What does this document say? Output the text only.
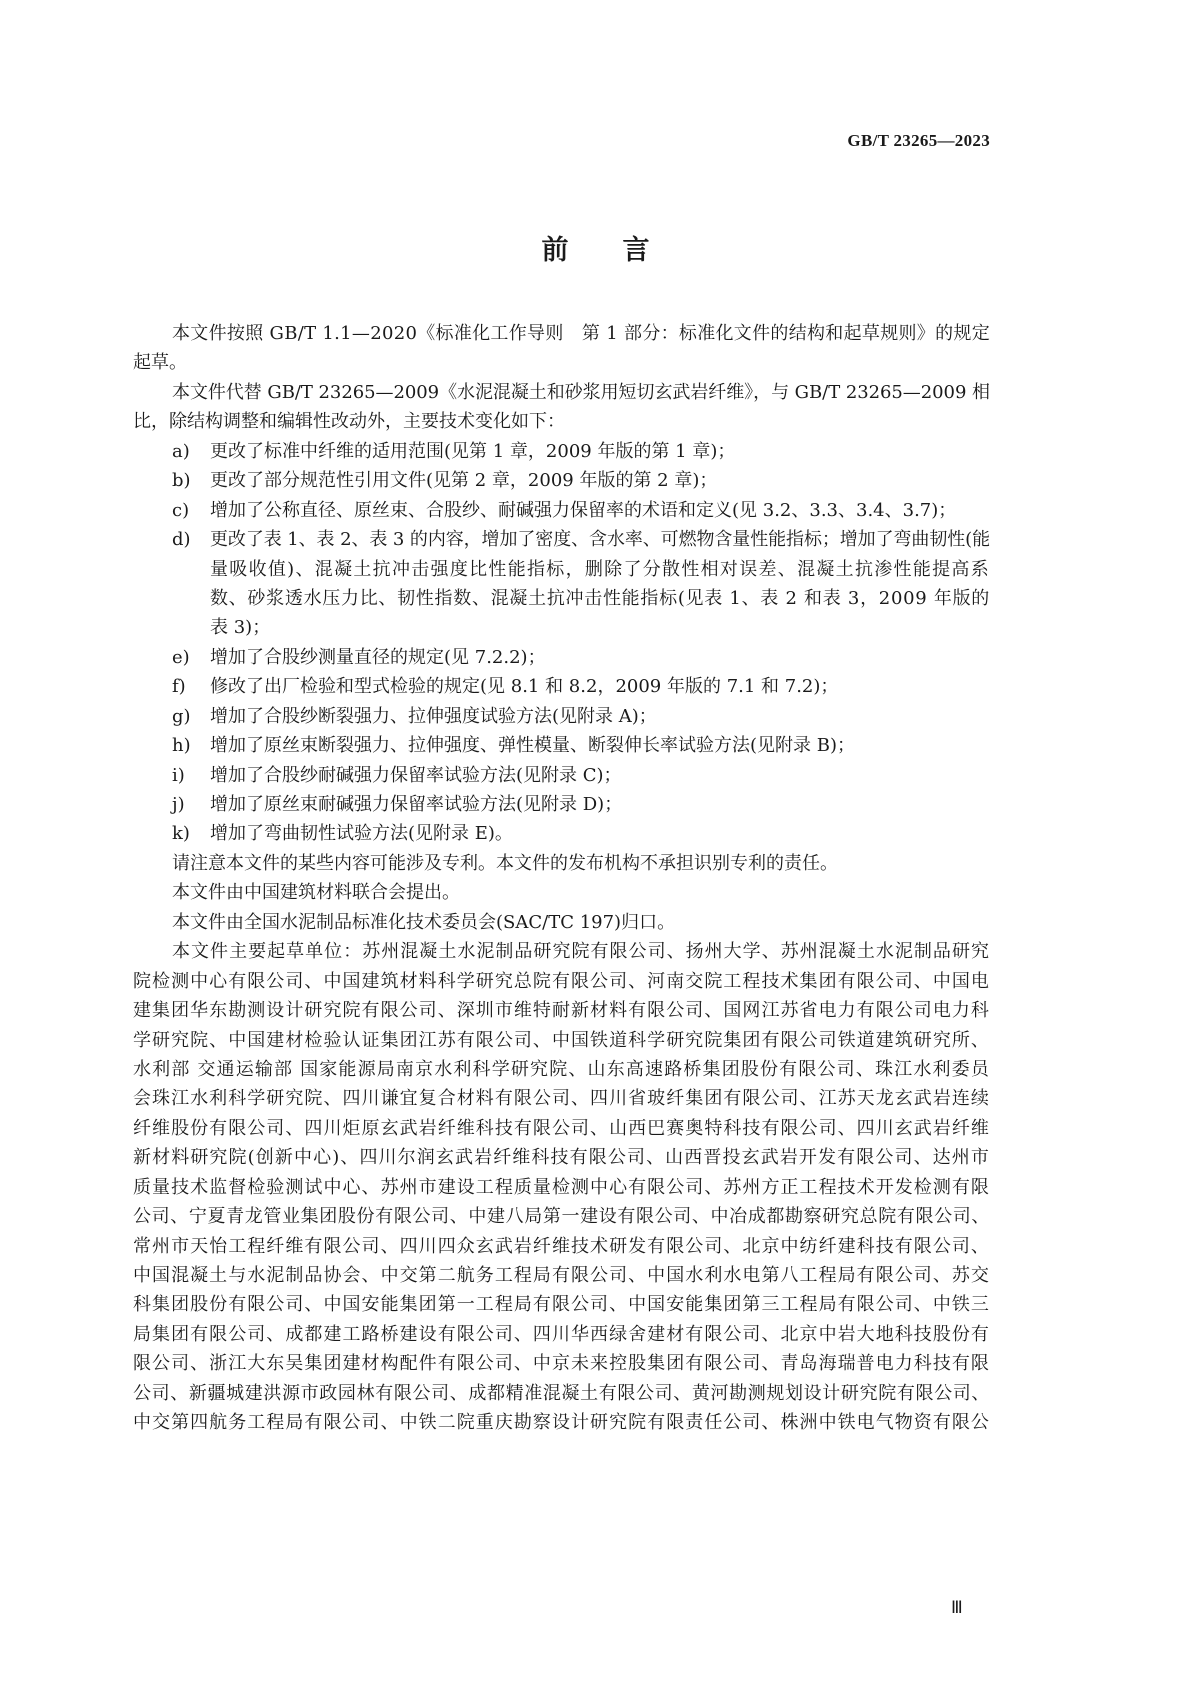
GB/T 23265—2023
前　　言
本文件按照 GB/T 1.1—2020《标准化工作导则　第 1 部分：标准化文件的结构和起草规则》的规定
起草。
本文件代替 GB/T 23265—2009《水泥混凝土和砂浆用短切玄武岩纤维》，与 GB/T 23265—2009 相
比，除结构调整和编辑性改动外，主要技术变化如下：
a) 更改了标准中纤维的适用范围(见第 1 章，2009 年版的第 1 章)；
b) 更改了部分规范性引用文件(见第 2 章，2009 年版的第 2 章)；
c) 增加了公称直径、原丝束、合股纱、耐碱强力保留率的术语和定义(见 3.2、3.3、3.4、3.7)；
d) 更改了表 1、表 2、表 3 的内容，增加了密度、含水率、可燃物含量性能指标；增加了弯曲韧性(能
量吸收值)、混凝土抗冲击强度比性能指标，删除了分散性相对误差、混凝土抗渗性能提高系
数、砂浆透水压力比、韧性指数、混凝土抗冲击性能指标(见表 1、表 2 和表 3，2009 年版的
表 3)；
e) 增加了合股纱测量直径的规定(见 7.2.2)；
f) 修改了出厂检验和型式检验的规定(见 8.1 和 8.2，2009 年版的 7.1 和 7.2)；
g) 增加了合股纱断裂强力、拉伸强度试验方法(见附录 A)；
h) 增加了原丝束断裂强力、拉伸强度、弹性模量、断裂伸长率试验方法(见附录 B)；
i) 增加了合股纱耐碱强力保留率试验方法(见附录 C)；
j) 增加了原丝束耐碱强力保留率试验方法(见附录 D)；
k) 增加了弯曲韧性试验方法(见附录 E)。
请注意本文件的某些内容可能涉及专利。本文件的发布机构不承担识别专利的责任。
本文件由中国建筑材料联合会提出。
本文件由全国水泥制品标准化技术委员会(SAC/TC 197)归口。
本文件主要起草单位：苏州混凝土水泥制品研究院有限公司、扬州大学、苏州混凝土水泥制品研究
院检测中心有限公司、中国建筑材料科学研究总院有限公司、河南交院工程技术集团有限公司、中国电
建集团华东勘测设计研究院有限公司、深圳市维特耐新材料有限公司、国网江苏省电力有限公司电力科
学研究院、中国建材检验认证集团江苏有限公司、中国铁道科学研究院集团有限公司铁道建筑研究所、
水利部 交通运输部 国家能源局南京水利科学研究院、山东高速路桥集团股份有限公司、珠江水利委员
会珠江水利科学研究院、四川谦宜复合材料有限公司、四川省玻纤集团有限公司、江苏天龙玄武岩连续
纤维股份有限公司、四川炬原玄武岩纤维科技有限公司、山西巴赛奥特科技有限公司、四川玄武岩纤维
新材料研究院(创新中心)、四川尔润玄武岩纤维科技有限公司、山西晋投玄武岩开发有限公司、达州市
质量技术监督检验测试中心、苏州市建设工程质量检测中心有限公司、苏州方正工程技术开发检测有限
公司、宁夏青龙管业集团股份有限公司、中建八局第一建设有限公司、中冶成都勘察研究总院有限公司、
常州市天怡工程纤维有限公司、四川四众玄武岩纤维技术研发有限公司、北京中纺纤建科技有限公司、
中国混凝土与水泥制品协会、中交第二航务工程局有限公司、中国水利水电第八工程局有限公司、苏交
科集团股份有限公司、中国安能集团第一工程局有限公司、中国安能集团第三工程局有限公司、中铁三
局集团有限公司、成都建工路桥建设有限公司、四川华西绿舍建材有限公司、北京中岩大地科技股份有
限公司、浙江大东吴集团建材构配件有限公司、中京未来控股集团有限公司、青岛海瑞普电力科技有限
公司、新疆城建洪源市政园林有限公司、成都精准混凝土有限公司、黄河勘测规划设计研究院有限公司、
中交第四航务工程局有限公司、中铁二院重庆勘察设计研究院有限责任公司、株洲中铁电气物资有限公
Ⅲ
